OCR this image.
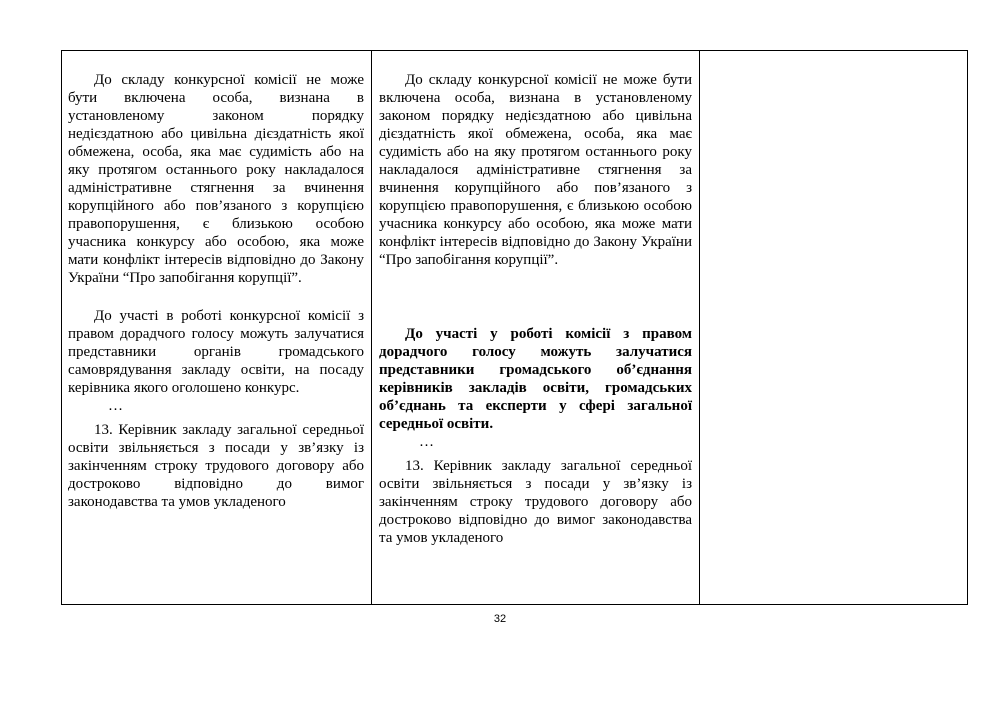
До складу конкурсної комісії не може бути включена особа, визнана в установленому законом порядку недієздатною або цивільна дієздатність якої обмежена, особа, яка має судимість або на яку протягом останнього року накладалося адміністративне стягнення за вчинення корупційного або пов’язаного з корупцією правопорушення, є близькою особою учасника конкурсу або особою, яка може мати конфлікт інтересів відповідно до Закону України “Про запобігання корупції”.

До участі в роботі конкурсної комісії з правом дорадчого голосу можуть залучатися представники органів громадського самоврядування закладу освіти, на посаду керівника якого оголошено конкурс.

…

13. Керівник закладу загальної середньої освіти звільняється з посади у зв’язку із закінченням строку трудового договору або достроково відповідно до вимог законодавства та умов укладеного

До складу конкурсної комісії не може бути включена особа, визнана в установленому законом порядку недієздатною або цивільна дієздатність якої обмежена, особа, яка має судимість або на яку протягом останнього року накладалося адміністративне стягнення за вчинення корупційного або пов’язаного з корупцією правопорушення, є близькою особою учасника конкурсу або особою, яка може мати конфлікт інтересів відповідно до Закону України “Про запобігання корупції”.

До участі у роботі комісії з правом дорадчого голосу можуть залучатися представники громадського об’єднання керівників закладів освіти, громадських об’єднань та експерти у сфері загальної середньої освіти.

…

13. Керівник закладу загальної середньої освіти звільняється з посади у зв’язку із закінченням строку трудового договору або достроково відповідно до вимог законодавства та умов укладеного

32
